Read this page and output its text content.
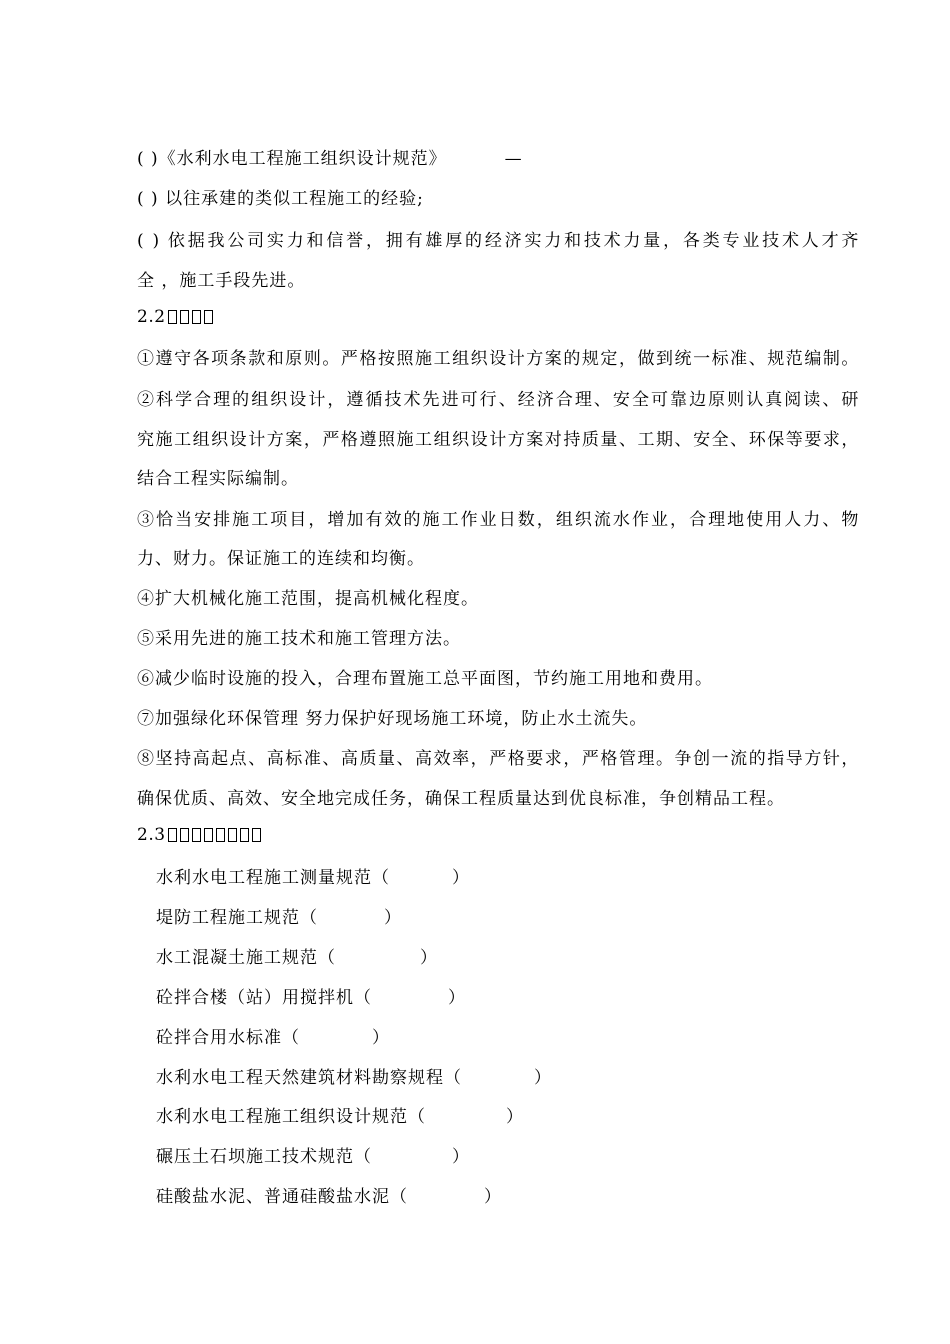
( )《水利水电工程施工组织设计规范》	—
( ) 以往承建的类似工程施工的经验;
( ) 依据我公司实力和信誉，拥有雄厚的经济实力和技术力量，各类专业技术人才齐
全 ，施工手段先进。
2.2
①遵守各项条款和原则。严格按照施工组织设计方案的规定，做到统一标准、规范编制。
②科学合理的组织设计，遵循技术先进可行、经济合理、安全可靠边原则认真阅读、研
究施工组织设计方案，严格遵照施工组织设计方案对持质量、工期、安全、环保等要求，
结合工程实际编制。
③恰当安排施工项目，增加有效的施工作业日数，组织流水作业，合理地使用人力、物
力、财力。保证施工的连续和均衡。
④扩大机械化施工范围，提高机械化程度。
⑤采用先进的施工技术和施工管理方法。
⑥减少临时设施的投入，合理布置施工总平面图，节约施工用地和费用。
⑦加强绿化环保管理 努力保护好现场施工环境，防止水土流失。
⑧坚持高起点、高标准、高质量、高效率，严格要求，严格管理。争创一流的指导方针，
确保优质、高效、安全地完成任务，确保工程质量达到优良标准，争创精品工程。
2.3
水利水电工程施工测量规范（	）
堤防工程施工规范（	）
水工混凝土施工规范（	）
砼拌合楼（站）用搅拌机（	）
砼拌合用水标准（	）
水利水电工程天然建筑材料勘察规程（	）
水利水电工程施工组织设计规范（	）
碾压土石坝施工技术规范（	）
硅酸盐水泥、普通硅酸盐水泥（	）
